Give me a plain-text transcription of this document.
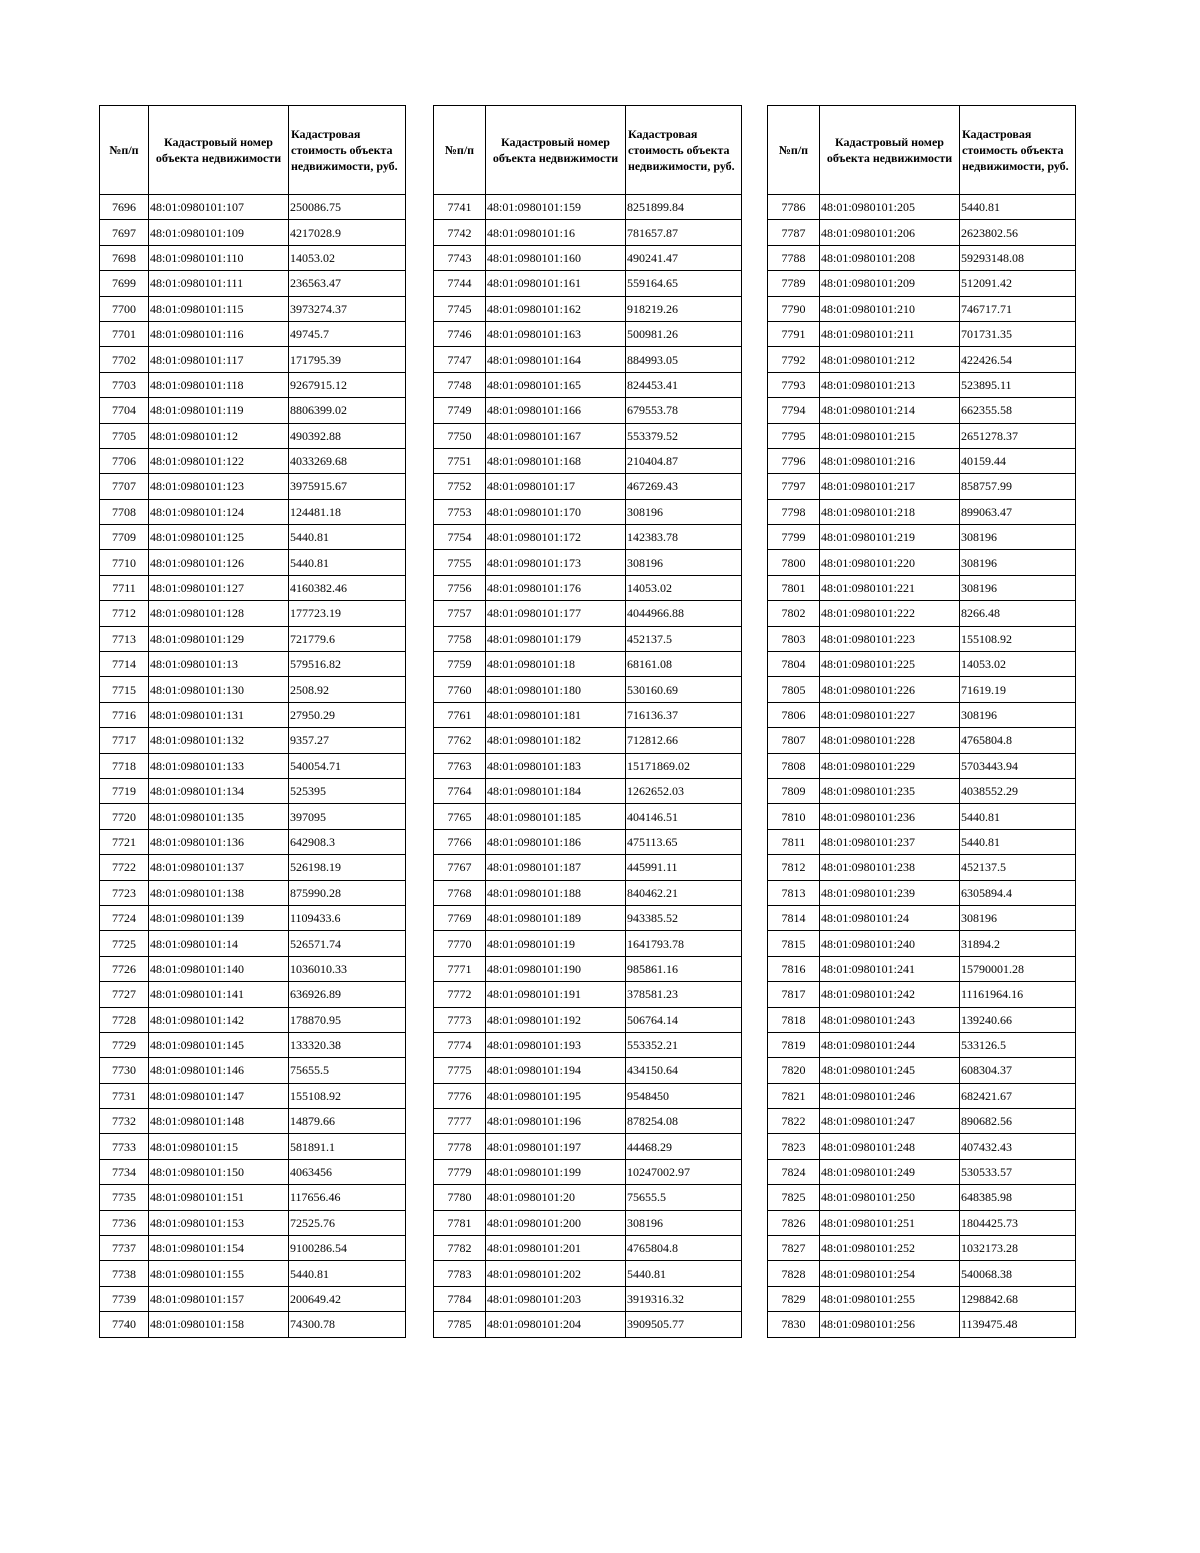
№п/п	Кадастровый номер объекта недвижимости	Кадастровая стоимость объекта недвижимости, руб.
7696	48:01:0980101:107	250086.75
7697	48:01:0980101:109	4217028.9
7698	48:01:0980101:110	14053.02
7699	48:01:0980101:111	236563.47
7700	48:01:0980101:115	3973274.37
7701	48:01:0980101:116	49745.7
7702	48:01:0980101:117	171795.39
7703	48:01:0980101:118	9267915.12
7704	48:01:0980101:119	8806399.02
7705	48:01:0980101:12	490392.88
7706	48:01:0980101:122	4033269.68
7707	48:01:0980101:123	3975915.67
7708	48:01:0980101:124	124481.18
7709	48:01:0980101:125	5440.81
7710	48:01:0980101:126	5440.81
7711	48:01:0980101:127	4160382.46
7712	48:01:0980101:128	177723.19
7713	48:01:0980101:129	721779.6
7714	48:01:0980101:13	579516.82
7715	48:01:0980101:130	2508.92
7716	48:01:0980101:131	27950.29
7717	48:01:0980101:132	9357.27
7718	48:01:0980101:133	540054.71
7719	48:01:0980101:134	525395
7720	48:01:0980101:135	397095
7721	48:01:0980101:136	642908.3
7722	48:01:0980101:137	526198.19
7723	48:01:0980101:138	875990.28
7724	48:01:0980101:139	1109433.6
7725	48:01:0980101:14	526571.74
7726	48:01:0980101:140	1036010.33
7727	48:01:0980101:141	636926.89
7728	48:01:0980101:142	178870.95
7729	48:01:0980101:145	133320.38
7730	48:01:0980101:146	75655.5
7731	48:01:0980101:147	155108.92
7732	48:01:0980101:148	14879.66
7733	48:01:0980101:15	581891.1
7734	48:01:0980101:150	4063456
7735	48:01:0980101:151	117656.46
7736	48:01:0980101:153	72525.76
7737	48:01:0980101:154	9100286.54
7738	48:01:0980101:155	5440.81
7739	48:01:0980101:157	200649.42
7740	48:01:0980101:158	74300.78
№п/п	Кадастровый номер объекта недвижимости	Кадастровая стоимость объекта недвижимости, руб.
7741	48:01:0980101:159	8251899.84
7742	48:01:0980101:16	781657.87
7743	48:01:0980101:160	490241.47
7744	48:01:0980101:161	559164.65
7745	48:01:0980101:162	918219.26
7746	48:01:0980101:163	500981.26
7747	48:01:0980101:164	884993.05
7748	48:01:0980101:165	824453.41
7749	48:01:0980101:166	679553.78
7750	48:01:0980101:167	553379.52
7751	48:01:0980101:168	210404.87
7752	48:01:0980101:17	467269.43
7753	48:01:0980101:170	308196
7754	48:01:0980101:172	142383.78
7755	48:01:0980101:173	308196
7756	48:01:0980101:176	14053.02
7757	48:01:0980101:177	4044966.88
7758	48:01:0980101:179	452137.5
7759	48:01:0980101:18	68161.08
7760	48:01:0980101:180	530160.69
7761	48:01:0980101:181	716136.37
7762	48:01:0980101:182	712812.66
7763	48:01:0980101:183	15171869.02
7764	48:01:0980101:184	1262652.03
7765	48:01:0980101:185	404146.51
7766	48:01:0980101:186	475113.65
7767	48:01:0980101:187	445991.11
7768	48:01:0980101:188	840462.21
7769	48:01:0980101:189	943385.52
7770	48:01:0980101:19	1641793.78
7771	48:01:0980101:190	985861.16
7772	48:01:0980101:191	378581.23
7773	48:01:0980101:192	506764.14
7774	48:01:0980101:193	553352.21
7775	48:01:0980101:194	434150.64
7776	48:01:0980101:195	9548450
7777	48:01:0980101:196	878254.08
7778	48:01:0980101:197	44468.29
7779	48:01:0980101:199	10247002.97
7780	48:01:0980101:20	75655.5
7781	48:01:0980101:200	308196
7782	48:01:0980101:201	4765804.8
7783	48:01:0980101:202	5440.81
7784	48:01:0980101:203	3919316.32
7785	48:01:0980101:204	3909505.77
№п/п	Кадастровый номер объекта недвижимости	Кадастровая стоимость объекта недвижимости, руб.
7786	48:01:0980101:205	5440.81
7787	48:01:0980101:206	2623802.56
7788	48:01:0980101:208	59293148.08
7789	48:01:0980101:209	512091.42
7790	48:01:0980101:210	746717.71
7791	48:01:0980101:211	701731.35
7792	48:01:0980101:212	422426.54
7793	48:01:0980101:213	523895.11
7794	48:01:0980101:214	662355.58
7795	48:01:0980101:215	2651278.37
7796	48:01:0980101:216	40159.44
7797	48:01:0980101:217	858757.99
7798	48:01:0980101:218	899063.47
7799	48:01:0980101:219	308196
7800	48:01:0980101:220	308196
7801	48:01:0980101:221	308196
7802	48:01:0980101:222	8266.48
7803	48:01:0980101:223	155108.92
7804	48:01:0980101:225	14053.02
7805	48:01:0980101:226	71619.19
7806	48:01:0980101:227	308196
7807	48:01:0980101:228	4765804.8
7808	48:01:0980101:229	5703443.94
7809	48:01:0980101:235	4038552.29
7810	48:01:0980101:236	5440.81
7811	48:01:0980101:237	5440.81
7812	48:01:0980101:238	452137.5
7813	48:01:0980101:239	6305894.4
7814	48:01:0980101:24	308196
7815	48:01:0980101:240	31894.2
7816	48:01:0980101:241	15790001.28
7817	48:01:0980101:242	11161964.16
7818	48:01:0980101:243	139240.66
7819	48:01:0980101:244	533126.5
7820	48:01:0980101:245	608304.37
7821	48:01:0980101:246	682421.67
7822	48:01:0980101:247	890682.56
7823	48:01:0980101:248	407432.43
7824	48:01:0980101:249	530533.57
7825	48:01:0980101:250	648385.98
7826	48:01:0980101:251	1804425.73
7827	48:01:0980101:252	1032173.28
7828	48:01:0980101:254	540068.38
7829	48:01:0980101:255	1298842.68
7830	48:01:0980101:256	1139475.48
